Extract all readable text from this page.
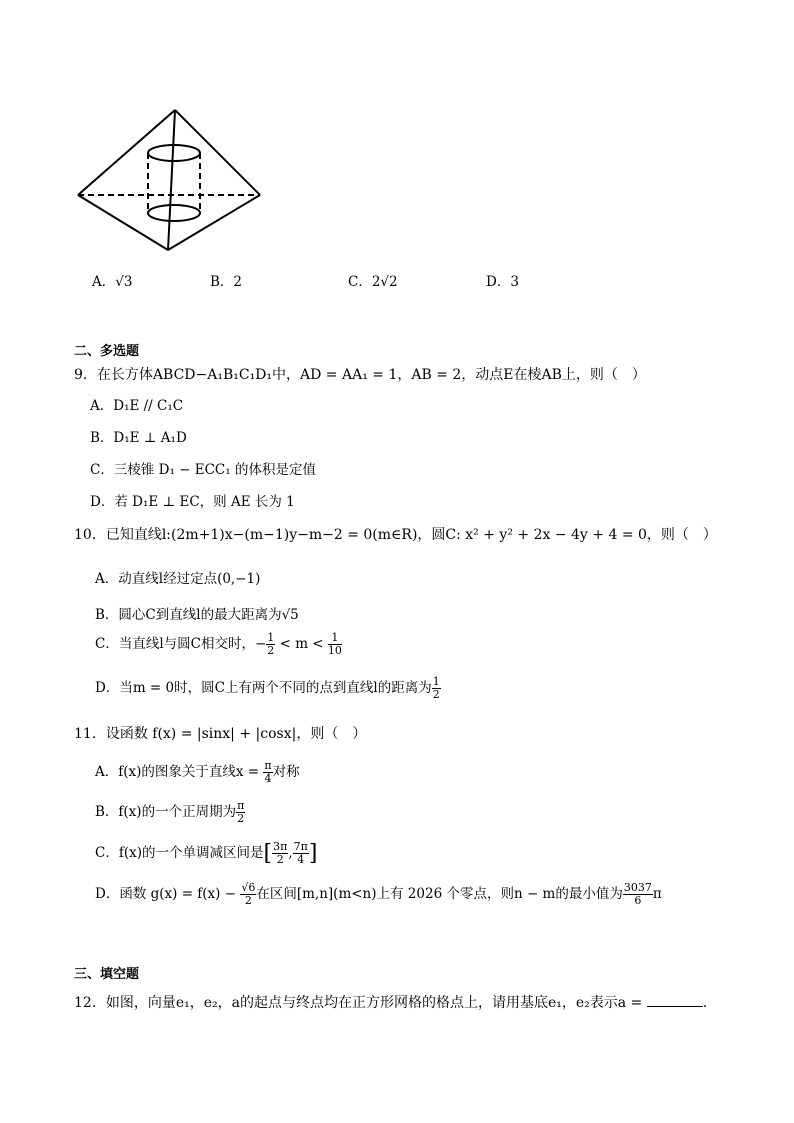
A．√3	B．2	C．2√2	D．3
二、多选题
9．在长方体ABCD−A₁B₁C₁D₁中，AD = AA₁ = 1，AB = 2，动点E在棱AB上，则（　）
A．D₁E // C₁C
B．D₁E ⊥ A₁D
C．三棱锥 D₁ − ECC₁ 的体积是定值
D．若 D₁E ⊥ EC，则 AE 长为 1
10．已知直线l:(2m+1)x−(m−1)y−m−2 = 0(m∈R)，圆C: x² + y² + 2x − 4y + 4 = 0，则（　）
A．动直线l经过定点(0,−1)
B．圆心C到直线l的最大距离为√5
C．当直线l与圆C相交时，− $\frac{1}{2} < m < \frac{1}{10}$
D．当m = 0时，圆C上有两个不同的点到直线l的距离为 $\frac{1}{2}$
11．设函数 f(x) = |sinx| + |cosx|，则（　）
A．f(x)的图象关于直线$x = \frac{\pi}{4}$ 对称
B．f(x)的一个正周期为 $\frac{\pi}{2}$
C．f(x)的一个单调减区间是[ $\frac{3\pi}{2}$ , $\frac{7\pi}{4}$ ]
D．函数 $g(x) = f(x) - \frac{√6}{2}$ 在区间[m,n](m<n)上有 2026 个零点，则n − m的最小值为 $\frac{3037}{6}$ π
三、填空题
12．如图，向量e₁，e₂，a的起点与终点均在正方形网格的格点上，请用基底e₁，e₂表示a =	.
